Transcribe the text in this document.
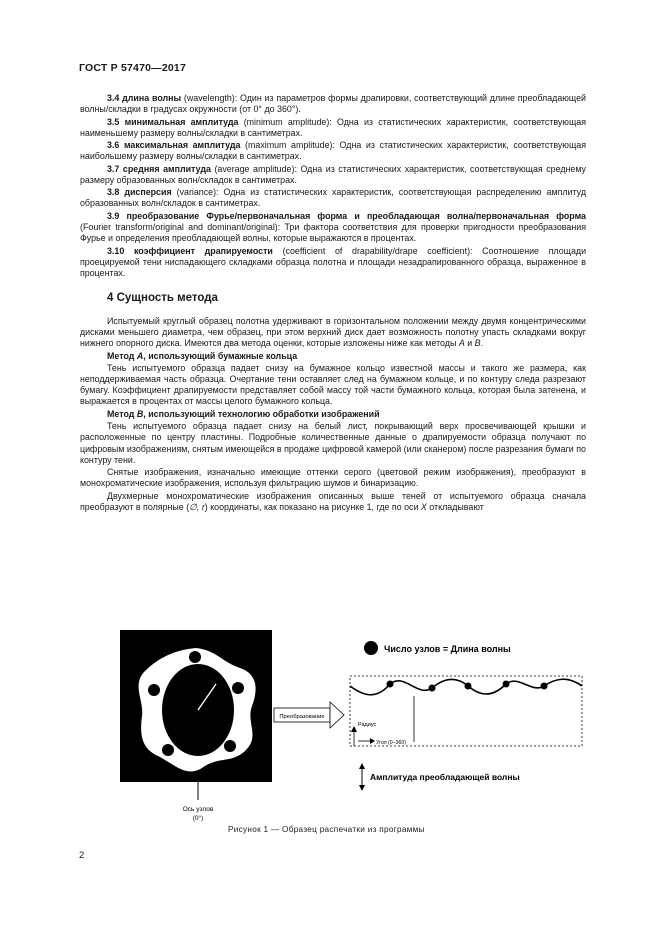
ГОСТ Р 57470—2017

3.4 длина волны (wavelength): Один из параметров формы драпировки, соответствующий длине преобладающей волны/складки в градусах окружности (от 0° до 360°).

3.5 минимальная амплитуда (minimum amplitude): Одна из статистических характеристик, соответствующая наименьшему размеру волны/складки в сантиметрах.

3.6 максимальная амплитуда (maximum amplitude): Одна из статистических характеристик, соответствующая наибольшему размеру волны/складки в сантиметрах.

3.7 средняя амплитуда (average amplitude): Одна из статистических характеристик, соответствующая среднему размеру образованных волн/складок в сантиметрах.

3.8 дисперсия (variance): Одна из статистических характеристик, соответствующая распределению амплитуд образованных волн/складок в сантиметрах.

3.9 преобразование Фурье/первоначальная форма и преобладающая волна/первоначальная форма (Fourier transform/original and dominant/original): Три фактора соответствия для проверки пригодности преобразования Фурье и определения преобладающей волны, которые выражаются в процентах.

3.10 коэффициент драпируемости (coefficient of drapability/drape coefficient): Соотношение площади проецируемой тени ниспадающего складками образца полотна и площади незадрапированного образца, выраженное в процентах.

4 Сущность метода

Испытуемый круглый образец полотна удерживают в горизонтальном положении между двумя концентрическими дисками меньшего диаметра, чем образец, при этом верхний диск дает возможность полотну упасть складками вокруг нижнего опорного диска. Имеются два метода оценки, которые изложены ниже как методы А и В.

Метод А, использующий бумажные кольца

Тень испытуемого образца падает снизу на бумажное кольцо известной массы и такого же размера, как неподдерживаемая часть образца. Очертание тени оставляет след на бумажном кольце, и по контуру следа разрезают бумагу. Коэффициент драпируемости представляет собой массу той части бумажного кольца, которая была затенена, и выражается в процентах от массы целого бумажного кольца.

Метод В, использующий технологию обработки изображений

Тень испытуемого образца падает снизу на белый лист, покрывающий верх просвечивающей крышки и расположенные по центру пластины. Подробные количественные данные о драпируемости образца получают по цифровым изображениям, снятым имеющейся в продаже цифровой камерой (или сканером) после разрезания бумаги по контуру тени.

Снятые изображения, изначально имеющие оттенки серого (цветовой режим изображения), преобразуют в монохроматические изображения, используя фильтрацию шумов и бинаризацию.

Двухмерные монохроматические изображения описанных выше теней от испытуемого образца сначала преобразуют в полярные (∅, r) координаты, как показано на рисунке 1, где по оси X откладывают

Ось узлов
(0°)
Преобразование
Число узлов = Длина волны
Радиус
Угол (0–360)
Амплитуда преобладающей волны
Рисунок 1 — Образец распечатки из программы
2
